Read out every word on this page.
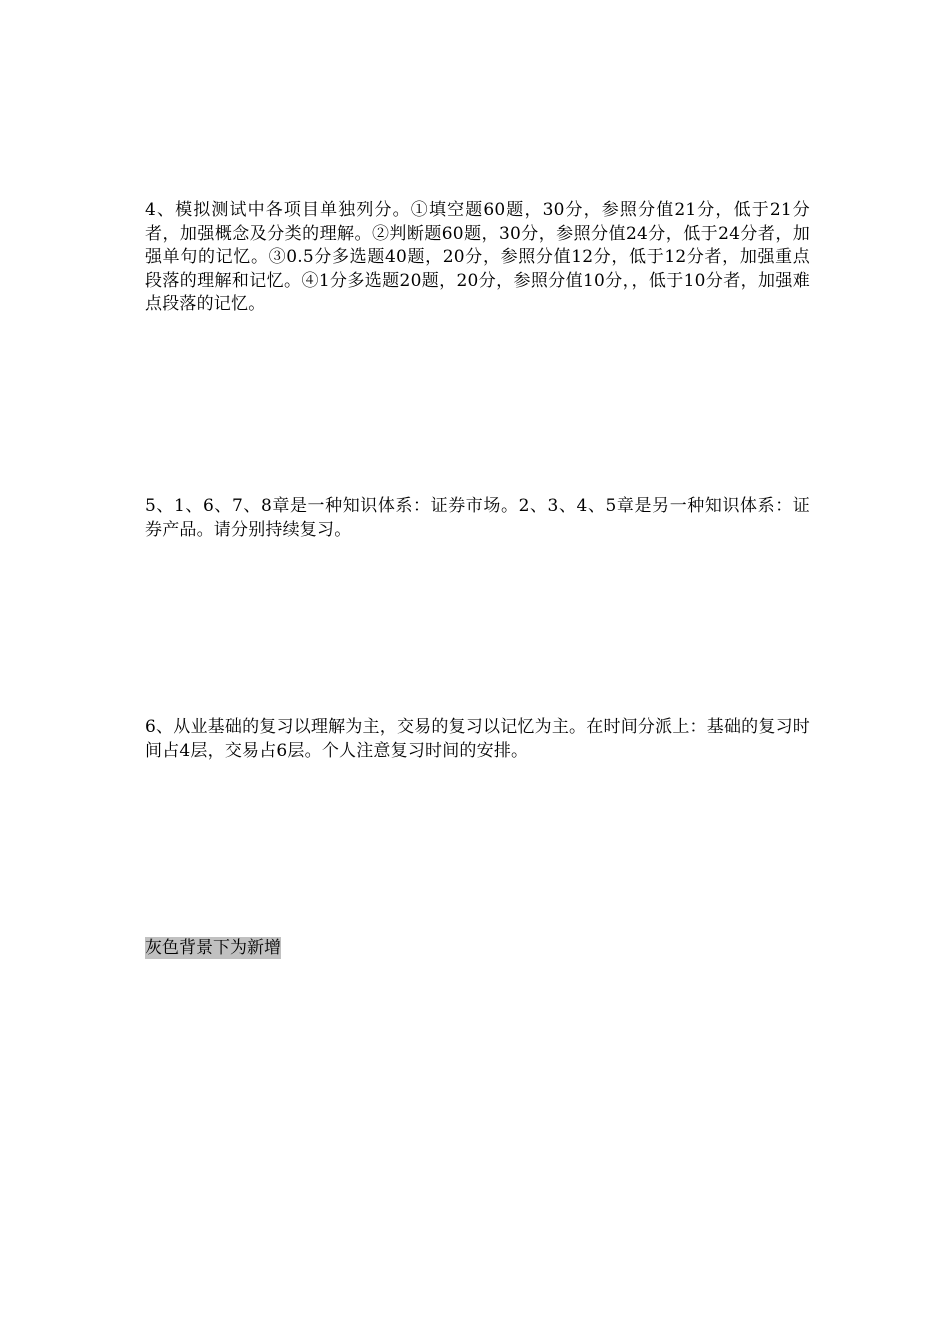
4、模拟测试中各项目单独列分。①填空题60题，30分，参照分值21分，低于21分者，加强概念及分类的理解。②判断题60题，30分，参照分值24分，低于24分者，加强单句的记忆。③0.5分多选题40题，20分，参照分值12分，低于12分者，加强重点段落的理解和记忆。④1分多选题20题，20分，参照分值10分，，低于10分者，加强难点段落的记忆。

5、1、6、7、8章是一种知识体系：证券市场。2、3、4、5章是另一种知识体系：证券产品。请分别持续复习。

6、从业基础的复习以理解为主，交易的复习以记忆为主。在时间分派上：基础的复习时间占4层，交易占6层。个人注意复习时间的安排。

灰色背景下为新增
